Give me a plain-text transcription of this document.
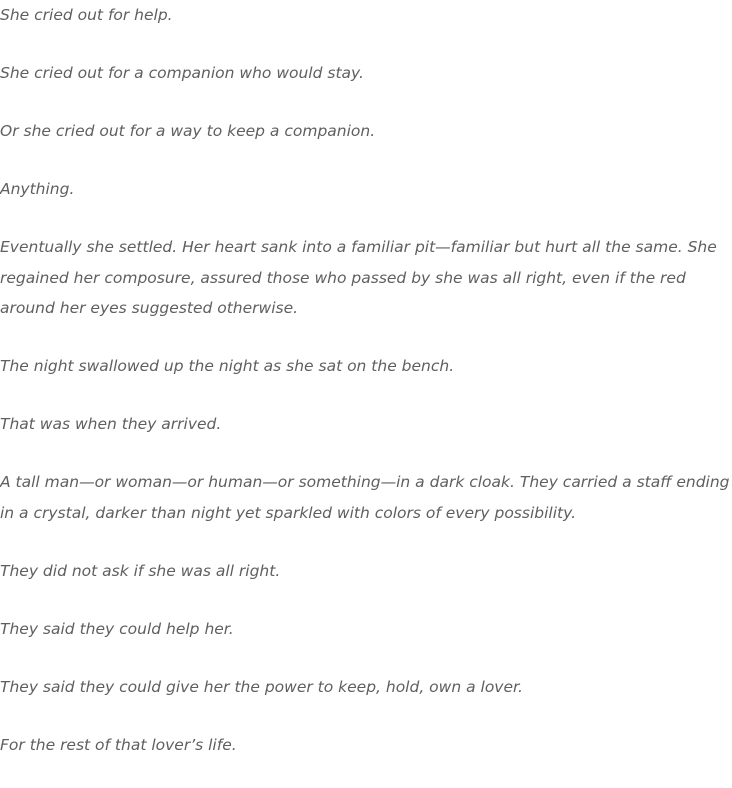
She cried out for help.

She cried out for a companion who would stay.

Or she cried out for a way to keep a companion.

Anything.

Eventually she settled. Her heart sank into a familiar pit—familiar but hurt all the same. She regained her composure, assured those who passed by she was all right, even if the red around her eyes suggested otherwise.

The night swallowed up the night as she sat on the bench.

That was when they arrived.

A tall man—or woman—or human—or something—in a dark cloak. They carried a staff ending in a crystal, darker than night yet sparkled with colors of every possibility.

They did not ask if she was all right.

They said they could help her.

They said they could give her the power to keep, hold, own a lover.

For the rest of that lover’s life.
